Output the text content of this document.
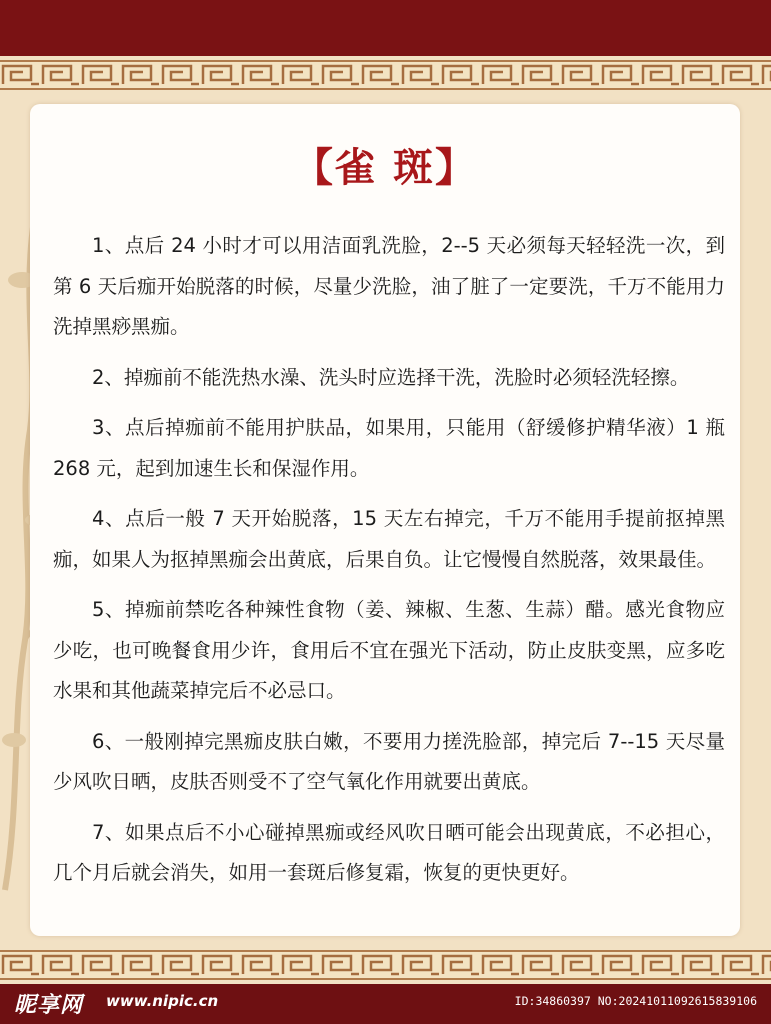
【雀 斑】

1、点后 24 小时才可以用洁面乳洗脸，2--5 天必须每天轻轻洗一次，到第 6 天后痂开始脱落的时候，尽量少洗脸，油了脏了一定要洗，千万不能用力洗掉黑痧黑痂。

2、掉痂前不能洗热水澡、洗头时应选择干洗，洗脸时必须轻洗轻擦。

3、点后掉痂前不能用护肤品，如果用，只能用（舒缓修护精华液）1 瓶 268 元，起到加速生长和保湿作用。

4、点后一般 7 天开始脱落，15 天左右掉完，千万不能用手提前抠掉黑痂，如果人为抠掉黑痂会出黄底，后果自负。让它慢慢自然脱落，效果最佳。

5、掉痂前禁吃各种辣性食物（姜、辣椒、生葱、生蒜）醋。感光食物应少吃，也可晚餐食用少许，食用后不宜在强光下活动，防止皮肤变黑，应多吃水果和其他蔬菜掉完后不必忌口。

6、一般刚掉完黑痂皮肤白嫩，不要用力搓洗脸部，掉完后 7--15 天尽量少风吹日晒，皮肤否则受不了空气氧化作用就要出黄底。

7、如果点后不小心碰掉黑痂或经风吹日晒可能会出现黄底，不必担心，几个月后就会消失，如用一套斑后修复霜，恢复的更快更好。

昵享网 www.nipic.cn	ID:34860397 NO:20241011092615839106
